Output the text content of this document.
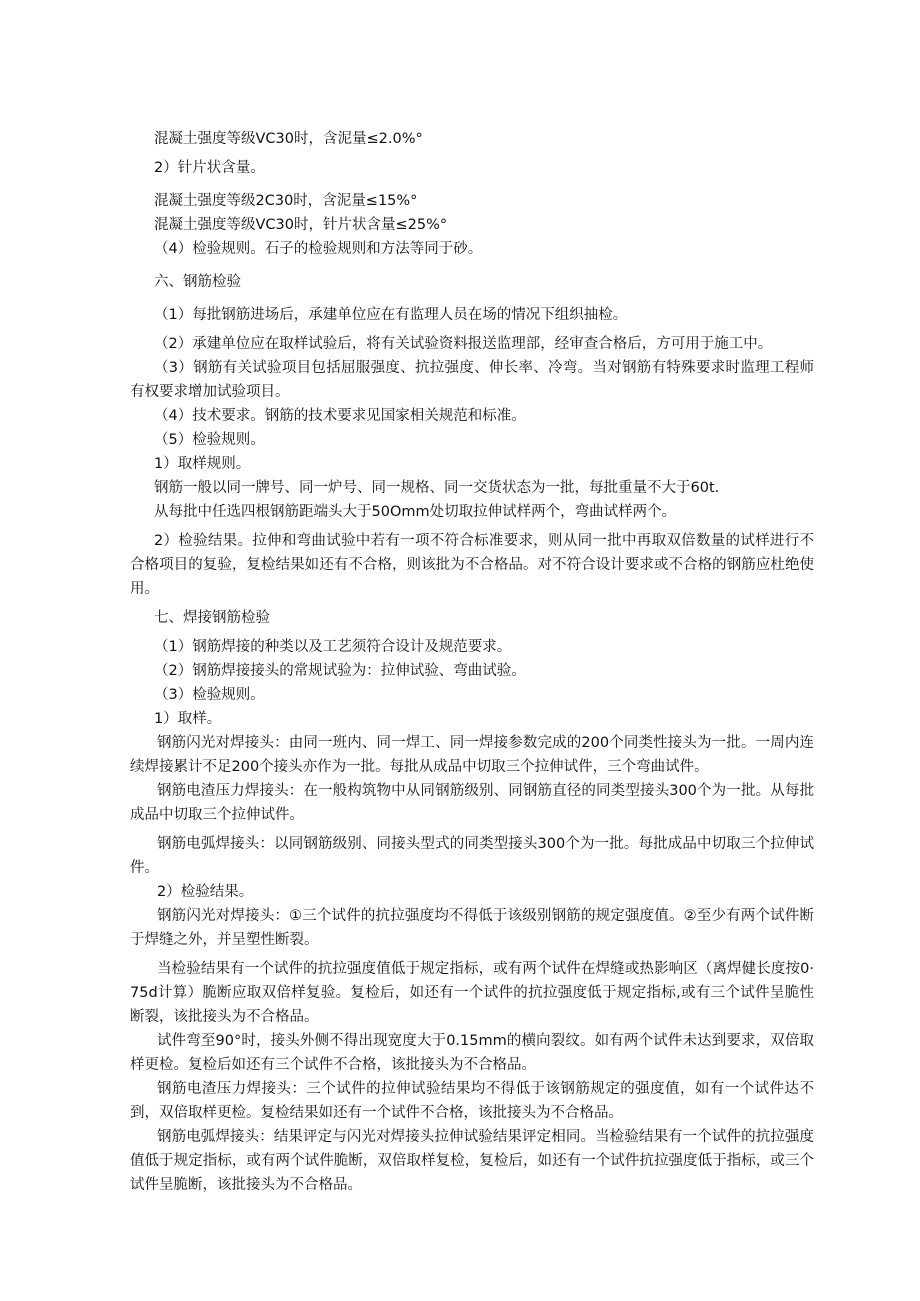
混凝土强度等级VC30时，含泥量≤2.0%°

2）针片状含量。

混凝土强度等级2C30时，含泥量≤15%°

混凝土强度等级VC30时，针片状含量≤25%°

（4）检验规则。石子的检验规则和方法等同于砂。

六、钢筋检验

（1）每批钢筋进场后，承建单位应在有监理人员在场的情况下组织抽检。

（2）承建单位应在取样试验后，将有关试验资料报送监理部，经审查合格后，方可用于施工中。

（3）钢筋有关试验项目包括屈服强度、抗拉强度、伸长率、冷弯。当对钢筋有特殊要求时监理工程师有权要求增加试验项目。

（4）技术要求。钢筋的技术要求见国家相关规范和标准。

（5）检验规则。

1）取样规则。

钢筋一般以同一牌号、同一炉号、同一规格、同一交货状态为一批，每批重量不大于60t.

从每批中任选四根钢筋距端头大于50Omm处切取拉伸试样两个，弯曲试样两个。

2）检验结果。拉伸和弯曲试验中若有一项不符合标准要求，则从同一批中再取双倍数量的试样进行不合格项目的复验，复检结果如还有不合格，则该批为不合格品。对不符合设计要求或不合格的钢筋应杜绝使用。

七、焊接钢筋检验

（1）钢筋焊接的种类以及工艺须符合设计及规范要求。

（2）钢筋焊接接头的常规试验为：拉伸试验、弯曲试验。

（3）检验规则。

1）取样。

钢筋闪光对焊接头：由同一班内、同一焊工、同一焊接参数完成的200个同类性接头为一批。一周内连续焊接累计不足200个接头亦作为一批。每批从成品中切取三个拉伸试件，三个弯曲试件。

钢筋电渣压力焊接头：在一般构筑物中从同钢筋级别、同钢筋直径的同类型接头300个为一批。从每批成品中切取三个拉伸试件。

钢筋电弧焊接头：以同钢筋级别、同接头型式的同类型接头300个为一批。每批成品中切取三个拉伸试件。

2）检验结果。

钢筋闪光对焊接头：①三个试件的抗拉强度均不得低于该级别钢筋的规定强度值。②至少有两个试件断于焊缝之外，并呈塑性断裂。

当检验结果有一个试件的抗拉强度值低于规定指标，或有两个试件在焊缝或热影响区（离焊健长度按0·75d计算）脆断应取双倍样复验。复检后，如还有一个试件的抗拉强度低于规定指标,或有三个试件呈脆性断裂，该批接头为不合格品。

试件弯至90°时，接头外侧不得出现宽度大于0.15mm的横向裂纹。如有两个试件未达到要求，双倍取样更检。复检后如还有三个试件不合格，该批接头为不合格品。

钢筋电渣压力焊接头：三个试件的拉伸试验结果均不得低于该钢筋规定的强度值，如有一个试件达不到，双倍取样更检。复检结果如还有一个试件不合格，该批接头为不合格品。

钢筋电弧焊接头：结果评定与闪光对焊接头拉伸试验结果评定相同。当检验结果有一个试件的抗拉强度值低于规定指标，或有两个试件脆断，双倍取样复检，复检后，如还有一个试件抗拉强度低于指标，或三个试件呈脆断，该批接头为不合格品。
